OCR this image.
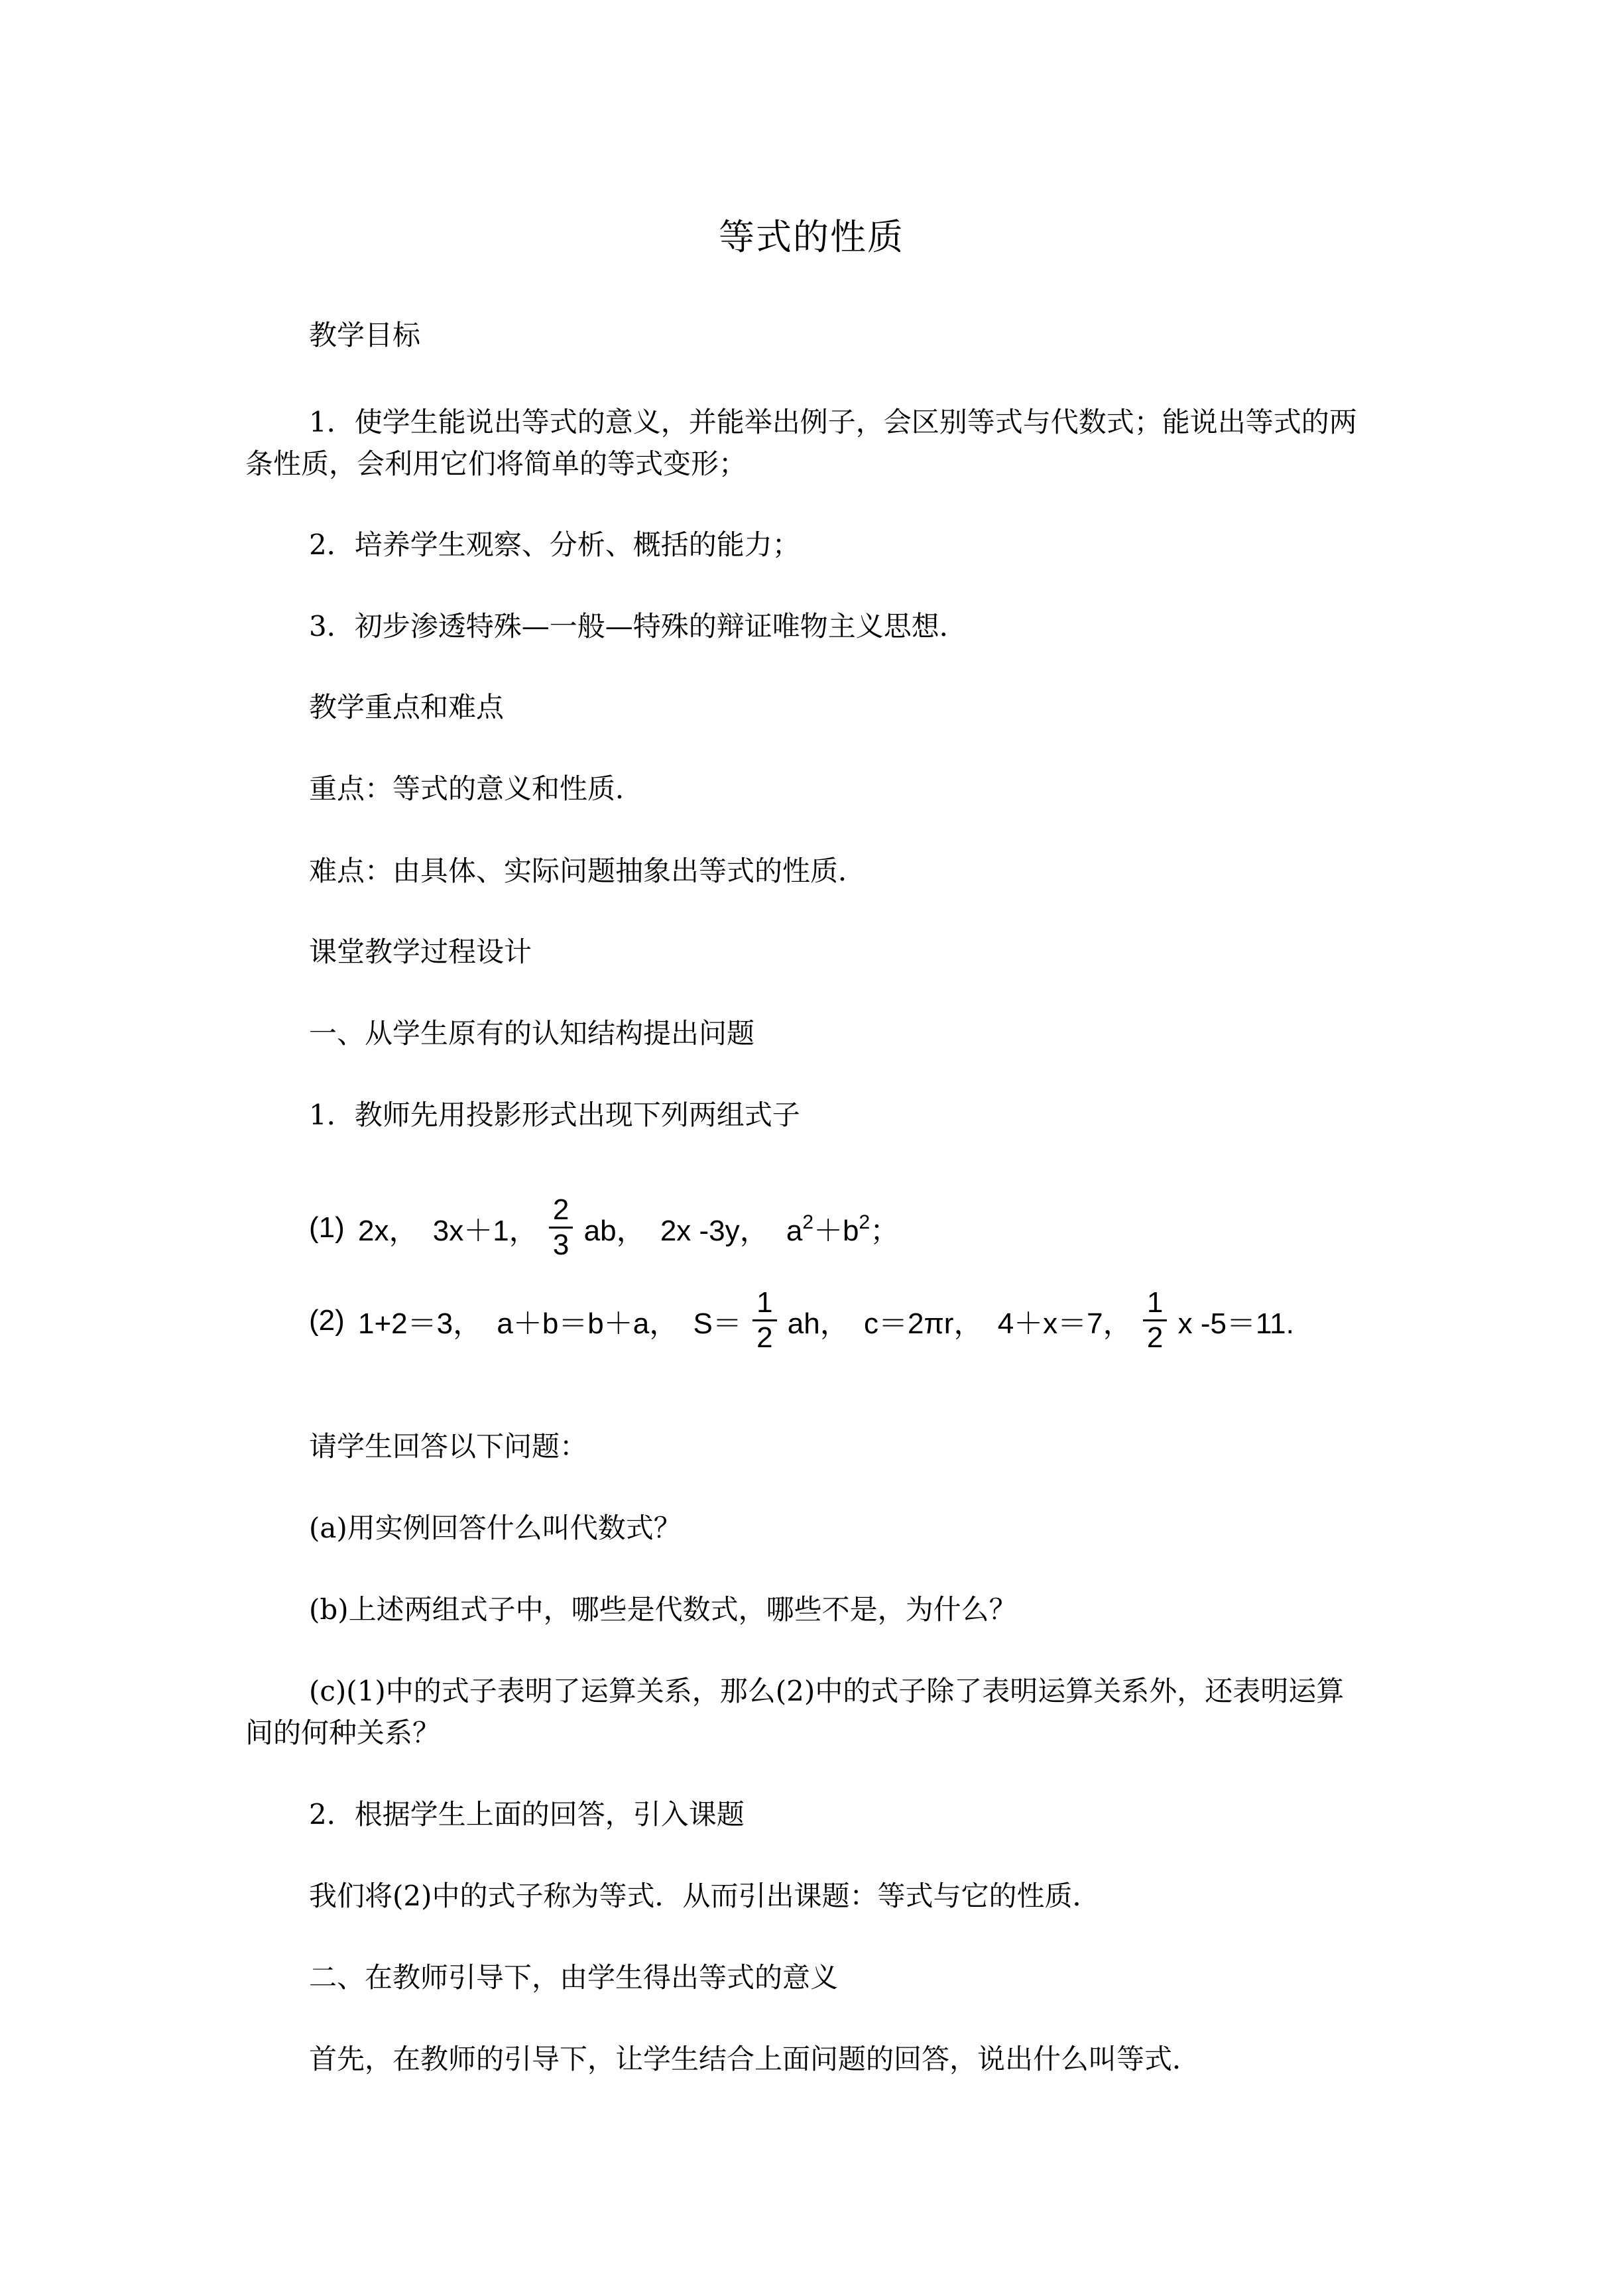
等式的性质
教学目标
1．使学生能说出等式的意义，并能举出例子，会区别等式与代数式；能说出等式的两
条性质，会利用它们将简单的等式变形；
2．培养学生观察、分析、概括的能力；
3．初步渗透特殊—一般—特殊的辩证唯物主义思想．
教学重点和难点
重点：等式的意义和性质．
难点：由具体、实际问题抽象出等式的性质．
课堂教学过程设计
一、从学生原有的认知结构提出问题
1．教师先用投影形式出现下列两组式子
(1) 2x， 3x＋1， $\frac{2}{3}$ ab， 2x -3y， $a^2+b^2$；
(2) 1+2＝3， a＋b＝b＋a， $S= \frac{1}{2}$ ah， c＝2πr， 4＋x＝7， $\frac{1}{2}$ x -5＝11.
请学生回答以下问题：
(a)用实例回答什么叫代数式？
(b)上述两组式子中，哪些是代数式，哪些不是，为什么？
(c)(1)中的式子表明了运算关系，那么(2)中的式子除了表明运算关系外，还表明运算
间的何种关系？
2．根据学生上面的回答，引入课题
我们将(2)中的式子称为等式．从而引出课题：等式与它的性质．
二、在教师引导下，由学生得出等式的意义
首先，在教师的引导下，让学生结合上面问题的回答，说出什么叫等式．
